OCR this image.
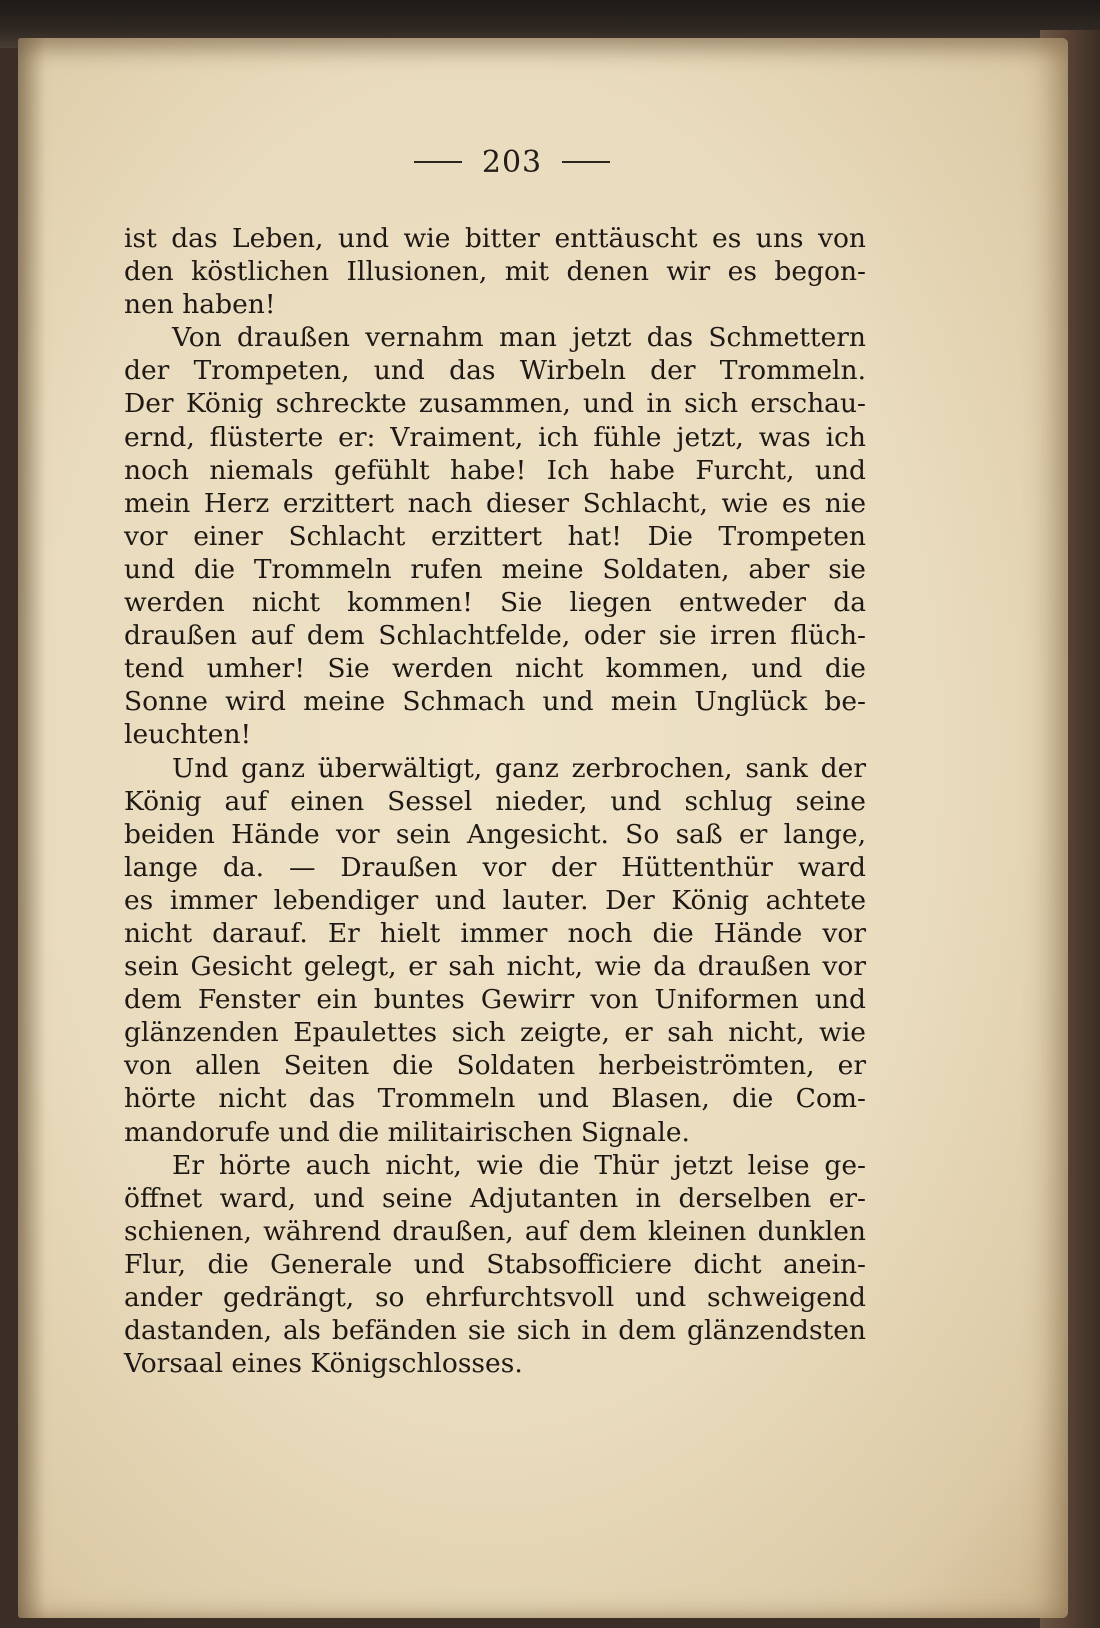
203
ist das Leben, und wie bitter enttäuscht es uns von
den köstlichen Illusionen, mit denen wir es begon-
nen haben!
Von draußen vernahm man jetzt das Schmettern
der Trompeten, und das Wirbeln der Trommeln.
Der König schreckte zusammen, und in sich erschau-
ernd, flüsterte er: Vraiment, ich fühle jetzt, was ich
noch niemals gefühlt habe! Ich habe Furcht, und
mein Herz erzittert nach dieser Schlacht, wie es nie
vor einer Schlacht erzittert hat! Die Trompeten
und die Trommeln rufen meine Soldaten, aber sie
werden nicht kommen! Sie liegen entweder da
draußen auf dem Schlachtfelde, oder sie irren flüch-
tend umher! Sie werden nicht kommen, und die
Sonne wird meine Schmach und mein Unglück be-
leuchten!
Und ganz überwältigt, ganz zerbrochen, sank der
König auf einen Sessel nieder, und schlug seine
beiden Hände vor sein Angesicht. So saß er lange,
lange da. — Draußen vor der Hüttenthür ward
es immer lebendiger und lauter. Der König achtete
nicht darauf. Er hielt immer noch die Hände vor
sein Gesicht gelegt, er sah nicht, wie da draußen vor
dem Fenster ein buntes Gewirr von Uniformen und
glänzenden Epaulettes sich zeigte, er sah nicht, wie
von allen Seiten die Soldaten herbeiströmten, er
hörte nicht das Trommeln und Blasen, die Com-
mandorufe und die militairischen Signale.
Er hörte auch nicht, wie die Thür jetzt leise ge-
öffnet ward, und seine Adjutanten in derselben er-
schienen, während draußen, auf dem kleinen dunklen
Flur, die Generale und Stabsofficiere dicht anein-
ander gedrängt, so ehrfurchtsvoll und schweigend
dastanden, als befänden sie sich in dem glänzendsten
Vorsaal eines Königschlosses.
